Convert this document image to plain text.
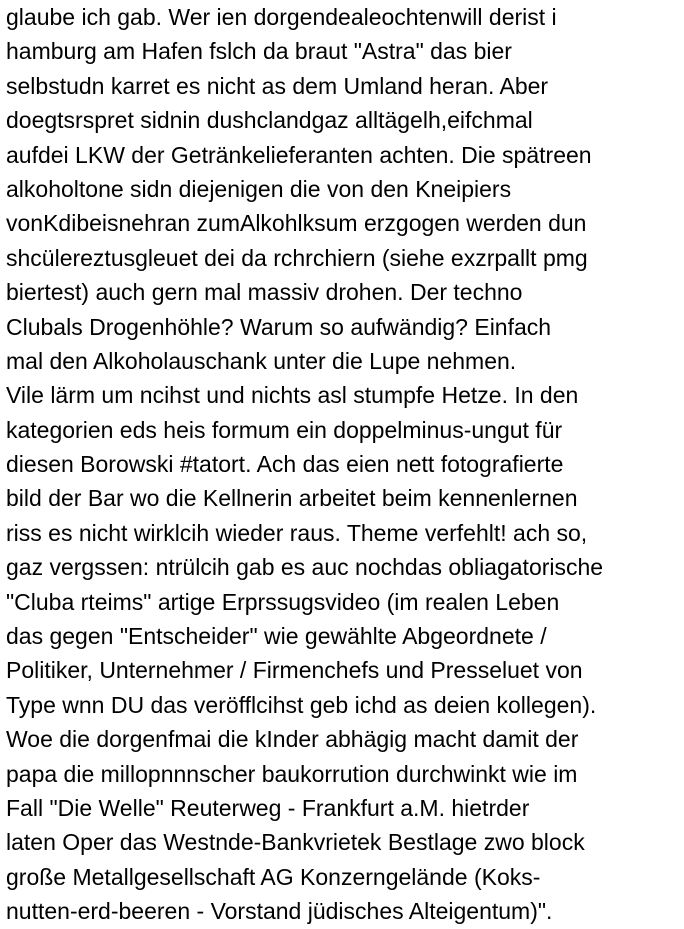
glaube ich gab. Wer ien dorgendealeochtenwill derist i
hamburg am Hafen fslch da braut "Astra" das bier
selbstudn karret es nicht as dem Umland heran. Aber
doegtsrspret sidnin dushclandgaz alltägelh,eifchmal
aufdei LKW der Getränkelieferanten achten. Die spätreen
alkoholtone sidn diejenigen die von den Kneipiers
vonKdibeisnehran zumAlkohlksum erzgogen werden dun
shcülereztusgleuet dei da rchrchiern (siehe exzrpallt pmg
biertest) auch gern mal massiv drohen. Der techno
Clubals Drogenhöhle? Warum so aufwändig? Einfach
mal den Alkoholauschank unter die Lupe nehmen.
Vile lärm um ncihst und nichts asl stumpfe Hetze. In den
kategorien eds heis formum ein doppelminus-ungut für
diesen Borowski #tatort. Ach das eien nett fotografierte
bild der Bar wo die Kellnerin arbeitet beim kennenlernen
riss es nicht wirklcih wieder raus. Theme verfehlt! ach so,
gaz vergssen: ntrülcih gab es auc nochdas obliagatorische
"Cluba rteims" artige Erprssugsvideo (im realen Leben
das gegen "Entscheider" wie gewählte Abgeordnete /
Politiker, Unternehmer / Firmenchefs und Presseluet von
Type wnn DU das veröfflcihst geb ichd as deien kollegen).
Woe die dorgenfmai die kInder abhägig macht damit der
papa die millopnnnscher baukorrution durchwinkt wie im
Fall "Die Welle" Reuterweg - Frankfurt a.M. hietrder
laten Oper das Westnde-Bankvrietek Bestlage zwo block
große Metallgesellschaft AG Konzerngelände (Koks-
nutten-erd-beeren - Vorstand jüdisches Alteigentum)".
